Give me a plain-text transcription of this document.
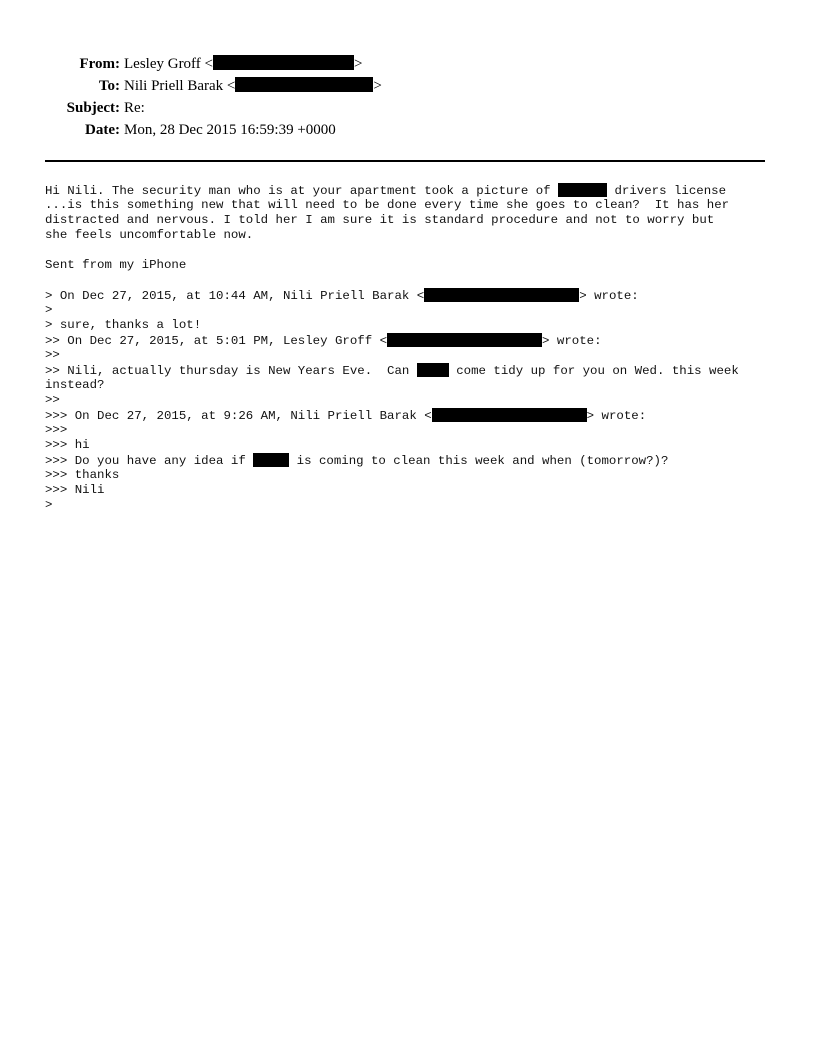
From: Lesley Groff <	>
To: Nili Priell Barak <	>
Subject: Re:
Date: Mon, 28 Dec 2015 16:59:39 +0000
Hi Nili. The security man who is at your apartment took a picture of	drivers license
...is this something new that will need to be done every time she goes to clean?  It has her
distracted and nervous. I told her I am sure it is standard procedure and not to worry but
she feels uncomfortable now.
Sent from my iPhone
> On Dec 27, 2015, at 10:44 AM, Nili Priell Barak <	> wrote:
>
> sure, thanks a lot!
>> On Dec 27, 2015, at 5:01 PM, Lesley Groff <	> wrote:
>>
>> Nili, actually thursday is New Years Eve.  Can	come tidy up for you on Wed. this week
instead?
>>
>>> On Dec 27, 2015, at 9:26 AM, Nili Priell Barak <	> wrote:
>>>
>>> hi
>>> Do you have any idea if	is coming to clean this week and when (tomorrow?)?
>>> thanks
>>> Nili
>
